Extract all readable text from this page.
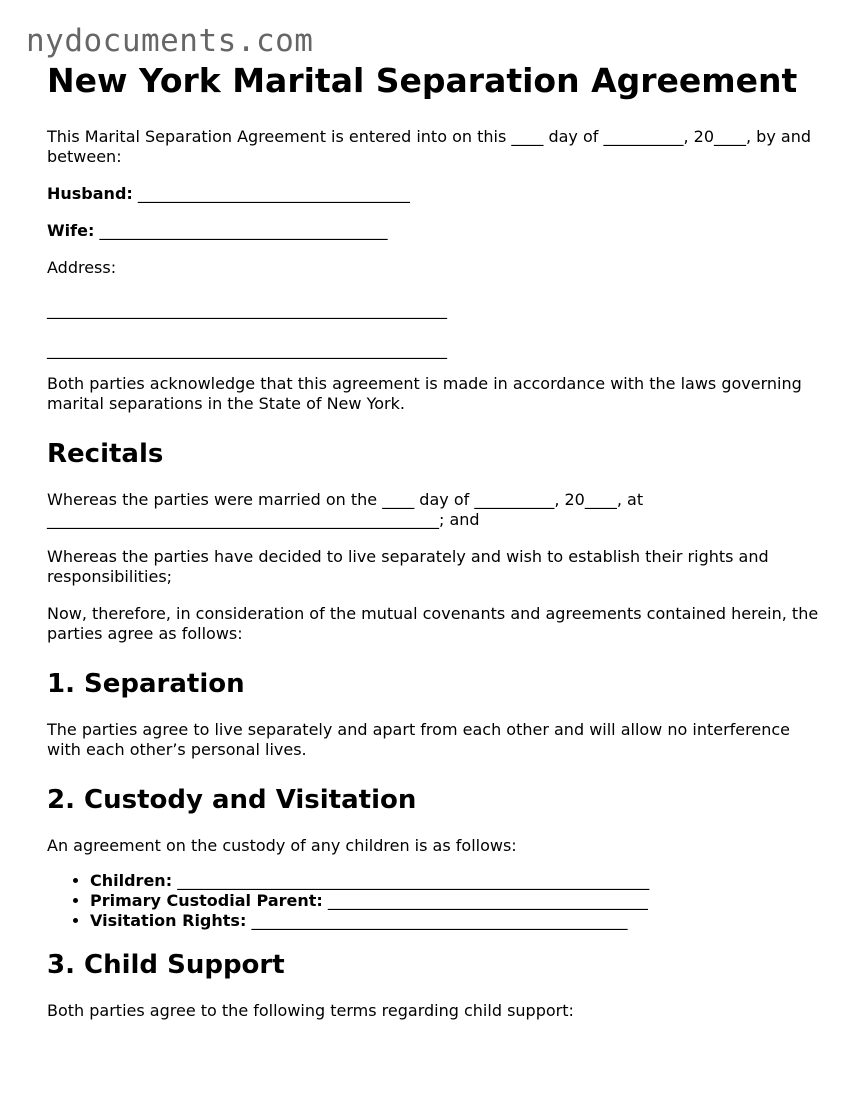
nydocuments.com
New York Marital Separation Agreement

This Marital Separation Agreement is entered into on this ____ day of __________, 20____, by and between:

Husband: __________________________________

Wife: ____________________________________

Address:

__________________________________________________
__________________________________________________

Both parties acknowledge that this agreement is made in accordance with the laws governing marital separations in the State of New York.

Recitals

Whereas the parties were married on the ____ day of __________, 20____, at _________________________________________________; and

Whereas the parties have decided to live separately and wish to establish their rights and responsibilities;

Now, therefore, in consideration of the mutual covenants and agreements contained herein, the parties agree as follows:

1. Separation

The parties agree to live separately and apart from each other and will allow no interference with each other’s personal lives.

2. Custody and Visitation

An agreement on the custody of any children is as follows:

• Children: ___________________________________________________________
• Primary Custodial Parent: ________________________________________
• Visitation Rights: _______________________________________________
3. Child Support

Both parties agree to the following terms regarding child support:
